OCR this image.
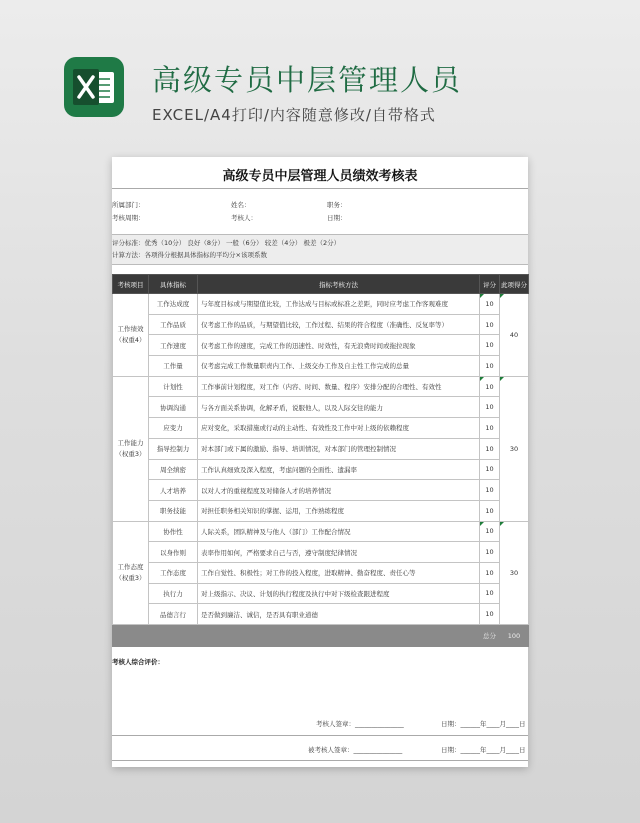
高级专员中层管理人员
EXCEL/A4打印/内容随意修改/自带格式
高级专员中层管理人员绩效考核表
所属部门：	姓名：	职务：
考核周期：	考核人：	日期：
评分标准：优秀（10分） 良好（8分） 一般（6分） 较差（4分） 极差（2分）
计算方法：各项得分根据具体指标的平均分×该项系数
考核项目	具体指标	指标考核方法	评分	此项得分
工作绩效（权重4）	工作达成度	与年度目标或与期望值比较，工作达成与目标或标准之差距，同时应考虑工作客观难度	10	40
	工作品质	仅考虑工作的品质，与期望值比较，工作过程、结果的符合程度（准确性、反复率等）	10	
	工作速度	仅考虑工作的速度，完成工作的迅速性、时效性，有无浪费时间或拖拉现象	10	
	工作量	仅考虑完成工作数量职责内工作、上级交办工作及自主性工作完成的总量	10	
工作能力（权重3）	计划性	工作事前计划程度，对工作（内容、时间、数量、程序）安排分配的合理性、有效性	10	30
	协调沟通	与各方面关系协调，化解矛盾，说服他人，以及人际交往的能力	10	
	应变力	应对变化，采取措施或行动的主动性、有效性及工作中对上级的依赖程度	10	
	指导控制力	对本部门或下属的激励、指导、培训情况，对本部门的管理控制情况	10	
	周全缜密	工作认真细致及深入程度，考虑问题的全面性、遗漏率	10	
	人才培养	以对人才的重视程度及对储备人才的培养情况	10	
	职务技能	对担任职务相关知识的掌握、运用，工作熟练程度	10	
工作态度（权重3）	协作性	人际关系，团队精神及与他人（部门）工作配合情况	10	30
	以身作则	表率作用如何，严格要求自己与否，遵守制度纪律情况	10	
	工作态度	工作自觉性、积极性；对工作的投入程度，进取精神、勤奋程度、责任心等	10	
	执行力	对上级指示、决议、计划的执行程度及执行中对下级检查跟进程度	10	
	品德言行	是否做到廉洁、诚信，是否具有职业道德	10	
			总分	100
考核人综合评价：
考核人签章：_______________	日期：______年____月____日
被考核人签章：_______________	日期：______年____月____日
